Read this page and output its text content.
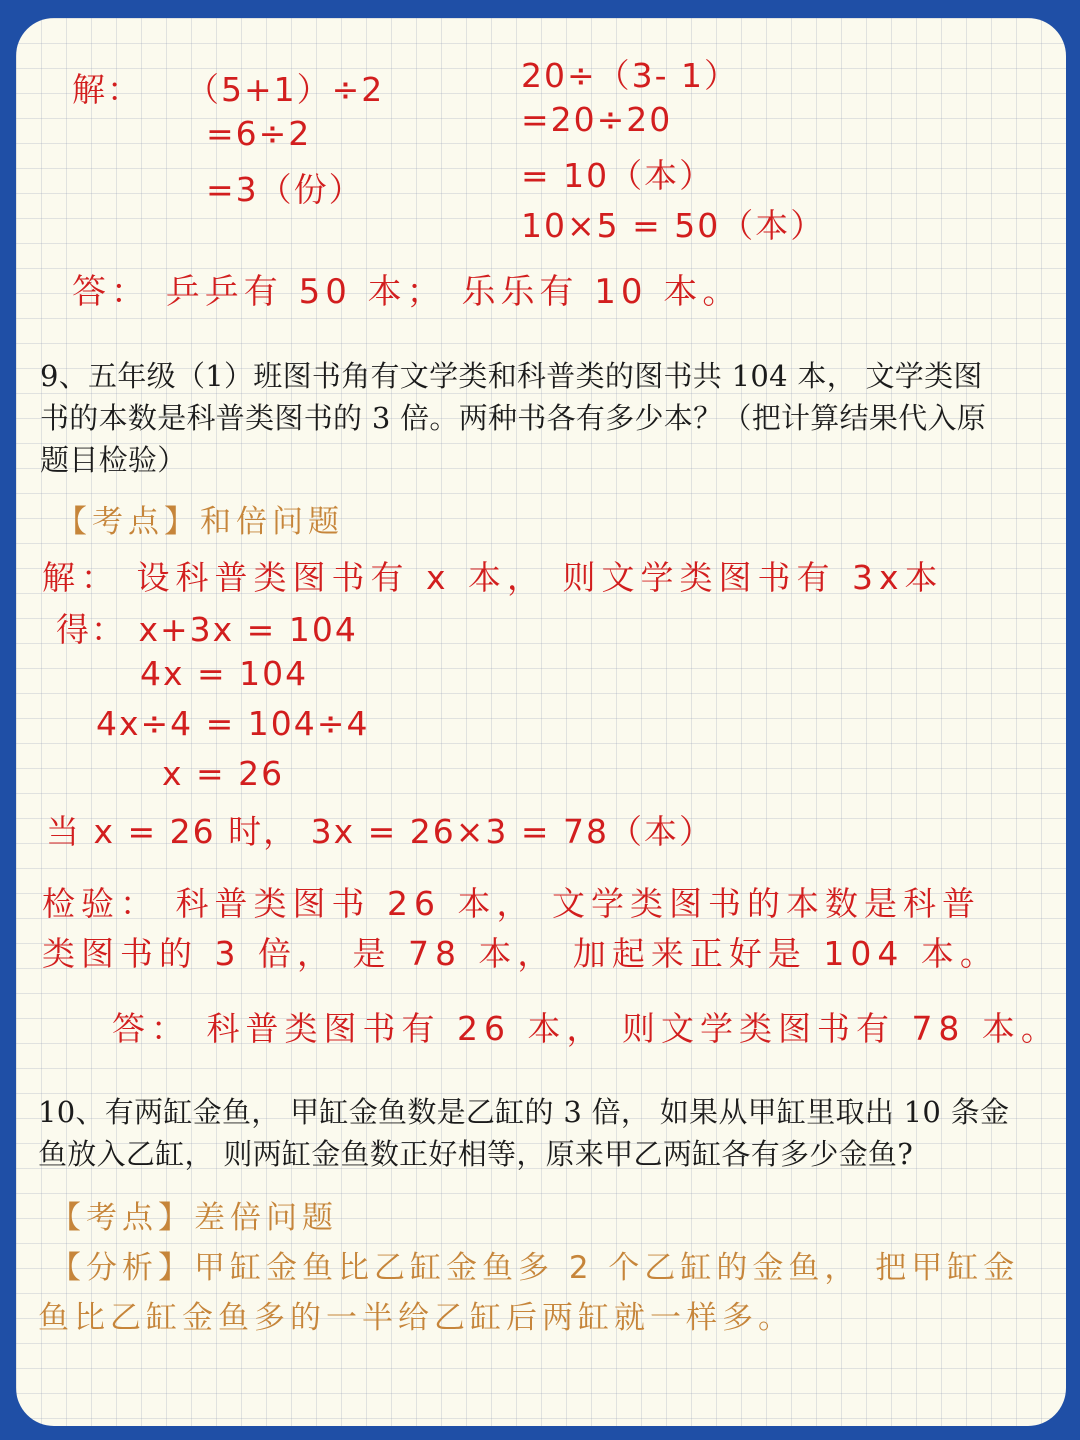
解： （5+1）÷2
=6÷2
=3（份）
20÷（3- 1）
=20÷20
= 10（本）
10×5 = 50（本）
答： 乒乒有 50 本； 乐乐有 10 本。
9、五年级（1）班图书角有文学类和科普类的图书共 104 本， 文学类图
书的本数是科普类图书的 3 倍。两种书各有多少本？（把计算结果代入原
题目检验）
【考点】和倍问题
解： 设科普类图书有 x 本， 则文学类图书有 3x本
得： x+3x = 104
4x = 104
4x÷4 = 104÷4
x = 26
当 x = 26 时， 3x = 26×3 = 78（本）
检验： 科普类图书 26 本， 文学类图书的本数是科普
类图书的 3 倍， 是 78 本， 加起来正好是 104 本。
答： 科普类图书有 26 本， 则文学类图书有 78 本。
10、有两缸金鱼， 甲缸金鱼数是乙缸的 3 倍， 如果从甲缸里取出 10 条金
鱼放入乙缸， 则两缸金鱼数正好相等，原来甲乙两缸各有多少金鱼?
【考点】差倍问题
【分析】甲缸金鱼比乙缸金鱼多 2 个乙缸的金鱼， 把甲缸金
鱼比乙缸金鱼多的一半给乙缸后两缸就一样多。
